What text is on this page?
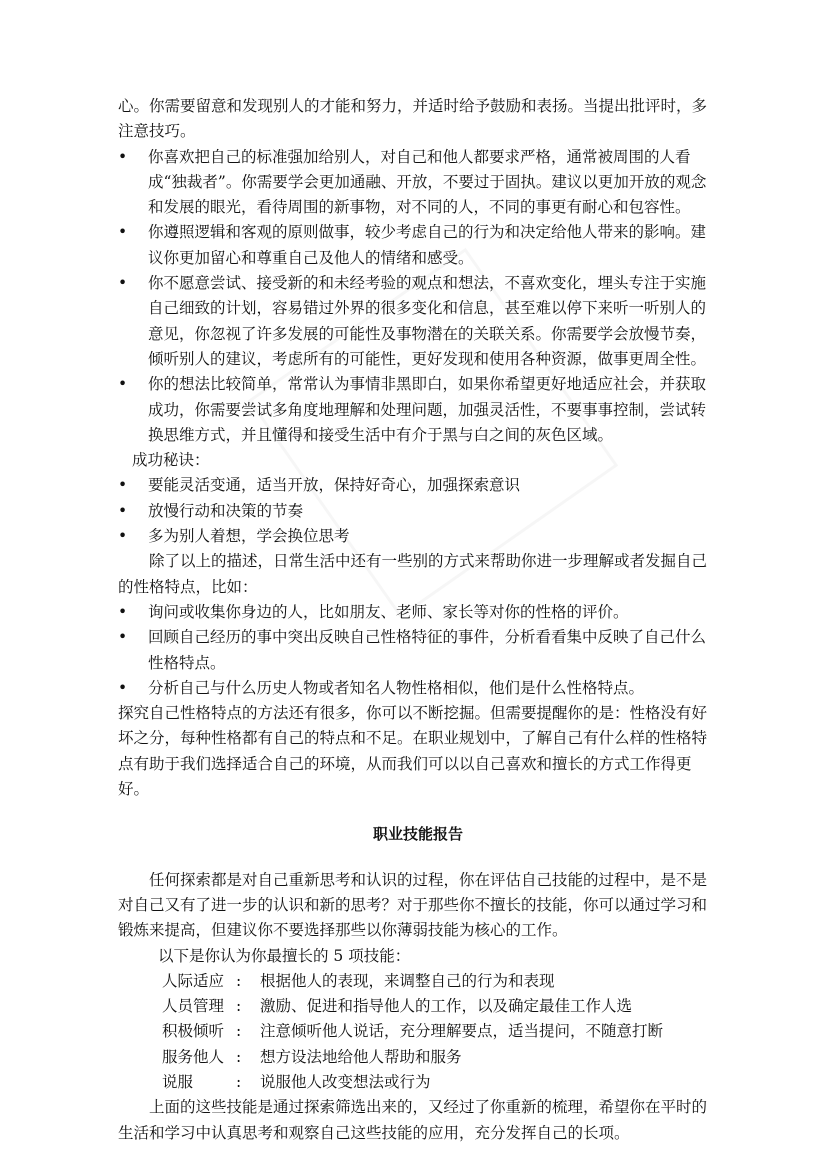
心。你需要留意和发现别人的才能和努力，并适时给予鼓励和表扬。当提出批评时，多注意技巧。

•	你喜欢把自己的标准强加给别人，对自己和他人都要求严格，通常被周围的人看成“独裁者”。你需要学会更加通融、开放，不要过于固执。建议以更加开放的观念和发展的眼光，看待周围的新事物，对不同的人，不同的事更有耐心和包容性。
•	你遵照逻辑和客观的原则做事，较少考虑自己的行为和决定给他人带来的影响。建议你更加留心和尊重自己及他人的情绪和感受。
•	你不愿意尝试、接受新的和未经考验的观点和想法，不喜欢变化，埋头专注于实施自己细致的计划，容易错过外界的很多变化和信息，甚至难以停下来听一听别人的意见，你忽视了许多发展的可能性及事物潜在的关联关系。你需要学会放慢节奏，倾听别人的建议，考虑所有的可能性，更好发现和使用各种资源，做事更周全性。
•	你的想法比较简单，常常认为事情非黑即白，如果你希望更好地适应社会，并获取成功，你需要尝试多角度地理解和处理问题，加强灵活性，不要事事控制，尝试转换思维方式，并且懂得和接受生活中有介于黑与白之间的灰色区域。

成功秘诀：

•	要能灵活变通，适当开放，保持好奇心，加强探索意识
•	放慢行动和决策的节奏
•	多为别人着想，学会换位思考

除了以上的描述，日常生活中还有一些别的方式来帮助你进一步理解或者发掘自己的性格特点，比如：

•	询问或收集你身边的人，比如朋友、老师、家长等对你的性格的评价。
•	回顾自己经历的事中突出反映自己性格特征的事件，分析看看集中反映了自己什么性格特点。
•	分析自己与什么历史人物或者知名人物性格相似，他们是什么性格特点。

探究自己性格特点的方法还有很多，你可以不断挖掘。但需要提醒你的是：性格没有好坏之分，每种性格都有自己的特点和不足。在职业规划中，了解自己有什么样的性格特点有助于我们选择适合自己的环境，从而我们可以以自己喜欢和擅长的方式工作得更好。

职业技能报告

任何探索都是对自己重新思考和认识的过程，你在评估自己技能的过程中，是不是对自己又有了进一步的认识和新的思考？对于那些你不擅长的技能，你可以通过学习和锻炼来提高，但建议你不要选择那些以你薄弱技能为核心的工作。

以下是你认为你最擅长的 5 项技能：

人际适应 :	根据他人的表现，来调整自己的行为和表现
人员管理 :	激励、促进和指导他人的工作，以及确定最佳工作人选
积极倾听 :	注意倾听他人说话，充分理解要点，适当提问，不随意打断
服务他人 :	想方设法地给他人帮助和服务
说服	:	说服他人改变想法或行为

上面的这些技能是通过探索筛选出来的，又经过了你重新的梳理，希望你在平时的生活和学习中认真思考和观察自己这些技能的应用，充分发挥自己的长项。
